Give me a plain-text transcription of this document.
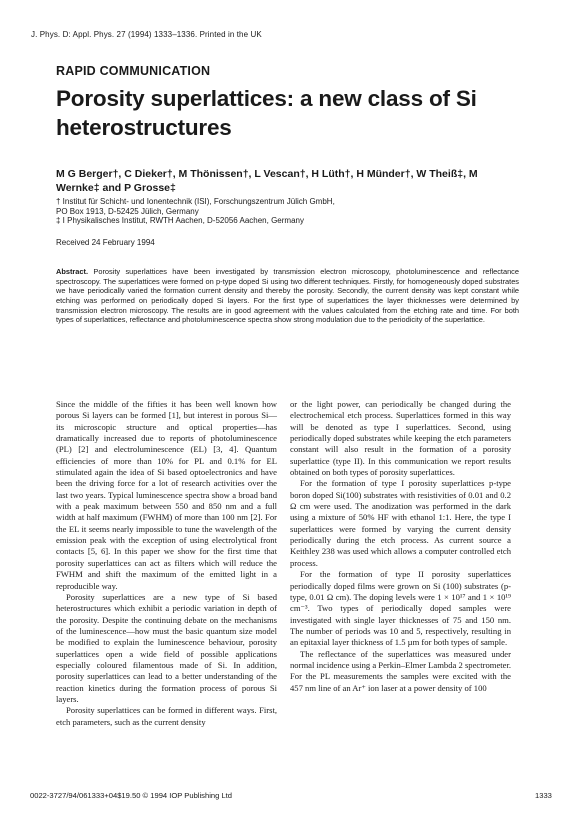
J. Phys. D: Appl. Phys. 27 (1994) 1333–1336. Printed in the UK
RAPID COMMUNICATION
Porosity superlattices: a new class of Si heterostructures
M G Berger†, C Dieker†, M Thönissen†, L Vescan†, H Lüth†, H Münder†, W Theiß‡, M Wernke‡ and P Grosse‡
† Institut für Schicht- und Ionentechnik (ISI), Forschungszentrum Jülich GmbH,
PO Box 1913, D-52425 Jülich, Germany
‡ I Physikalisches Institut, RWTH Aachen, D-52056 Aachen, Germany
Received 24 February 1994
Abstract. Porosity superlattices have been investigated by transmission electron microscopy, photoluminescence and reflectance spectroscopy. The superlattices were formed on p-type doped Si using two different techniques. Firstly, for homogeneously doped substrates we have periodically varied the formation current density and thereby the porosity. Secondly, the current density was kept constant while etching was performed on periodically doped Si layers. For the first type of superlattices the layer thicknesses were determined by transmission electron microscopy. The results are in good agreement with the values calculated from the etching rate and time. For both types of superlattices, reflectance and photoluminescence spectra show strong modulation due to the periodicity of the superlattice.

Since the middle of the fifties it has been well known how porous Si layers can be formed [1], but interest in porous Si—its microscopic structure and optical properties—has dramatically increased due to reports of photoluminescence (PL) [2] and electroluminescence (EL) [3, 4]. Quantum efficiencies of more than 10% for PL and 0.1% for EL stimulated again the idea of Si based optoelectronics and have been the driving force for a lot of research activities over the last two years. Typical luminescence spectra show a broad band with a peak maximum between 550 and 850 nm and a full width at half maximum (FWHM) of more than 100 nm [2]. For the EL it seems nearly impossible to tune the wavelength of the emission peak with the exception of using electrolytical front contacts [5, 6]. In this paper we show for the first time that porosity superlattices can act as filters which will reduce the FWHM and shift the maximum of the emitted light in a reproducible way.

Porosity superlattices are a new type of Si based heterostructures which exhibit a periodic variation in depth of the porosity. Despite the continuing debate on the mechanisms of the luminescence—how must the basic quantum size model be modified to explain the luminescence behaviour, porosity superlattices open a wide field of possible applications especially coloured filamentous made of Si. In addition, porosity superlattices can lead to a better understanding of the reaction kinetics during the formation process of porous Si layers.

Porosity superlattices can be formed in different ways. First, etch parameters, such as the current density

or the light power, can periodically be changed during the electrochemical etch process. Superlattices formed in this way will be denoted as type I superlattices. Second, using periodically doped substrates while keeping the etch parameters constant will also result in the formation of a porosity superlattice (type II). In this communication we report results obtained on both types of porosity superlattices.

For the formation of type I porosity superlattices p-type boron doped Si(100) substrates with resistivities of 0.01 and 0.2 Ω cm were used. The anodization was performed in the dark using a mixture of 50% HF with ethanol 1:1. Here, the type I superlattices were formed by varying the current density periodically during the etch process. As current source a Keithley 238 was used which allows a computer controlled etch process.

For the formation of type II porosity superlattices periodically doped films were grown on Si (100) substrates (p-type, 0.01 Ω cm). The doping levels were 1 × 10¹⁷ and 1 × 10¹⁹ cm⁻³. Two types of periodically doped samples were investigated with single layer thicknesses of 75 and 150 nm. The number of periods was 10 and 5, respectively, resulting in an epitaxial layer thickness of 1.5 µm for both types of sample.

The reflectance of the superlattices was measured under normal incidence using a Perkin–Elmer Lambda 2 spectrometer. For the PL measurements the samples were excited with the 457 nm line of an Ar⁺ ion laser at a power density of 100

0022-3727/94/061333+04$19.50 © 1994 IOP Publishing Ltd	1333
